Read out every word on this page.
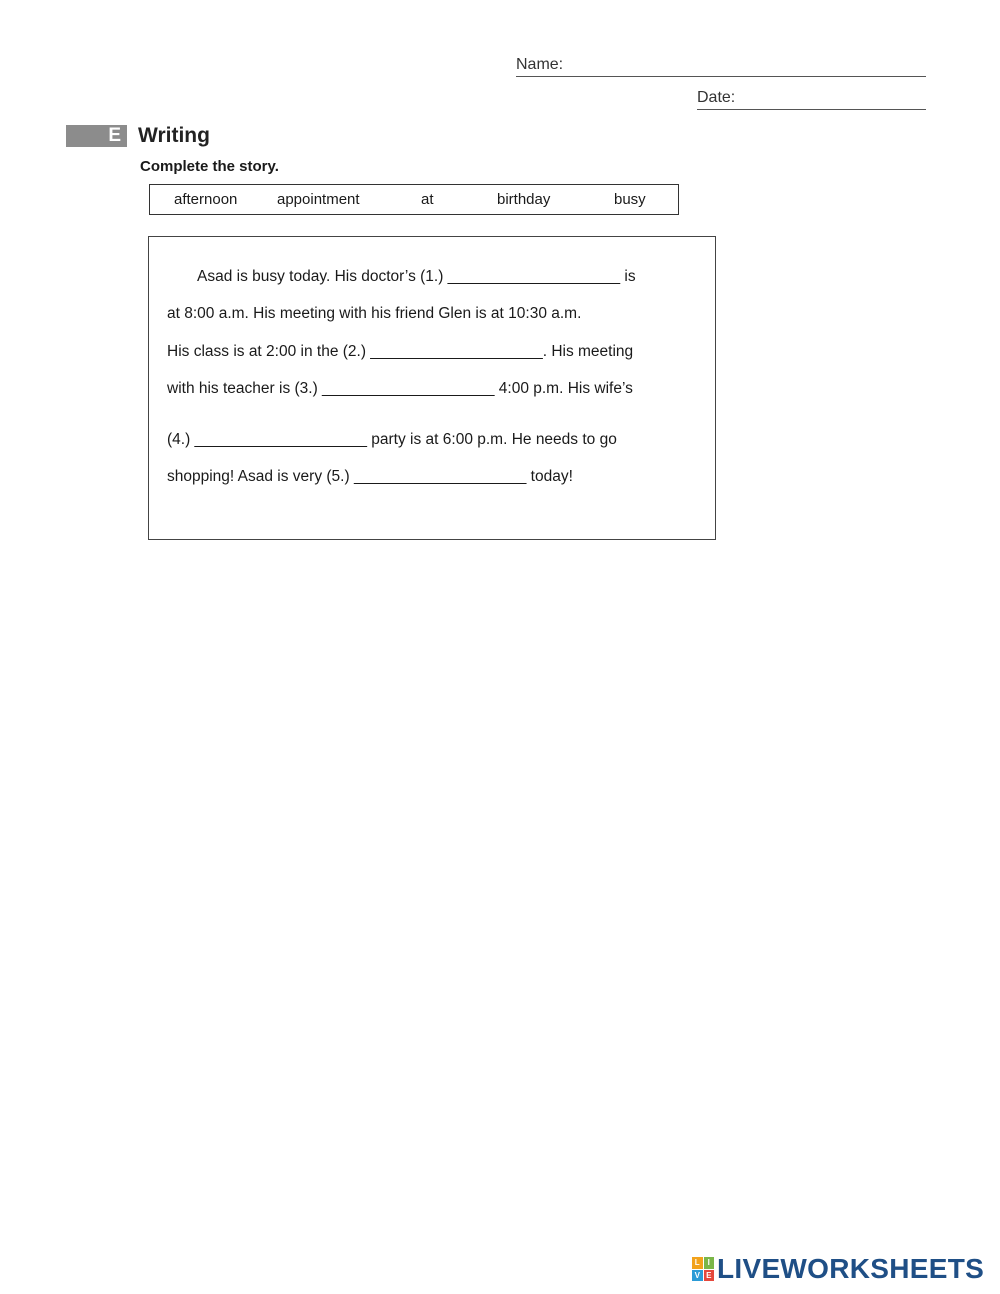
Name:
Date:
E Writing
Complete the story.
afternoon	appointment	at	birthday	busy
Asad is busy today. His doctor’s (1.) ____________________ is
at 8:00 a.m. His meeting with his friend Glen is at 10:30 a.m.
His class is at 2:00 in the (2.) ____________________. His meeting
with his teacher is (3.) ____________________ 4:00 p.m. His wife’s
(4.) ____________________ party is at 6:00 p.m. He needs to go
shopping! Asad is very (5.) ____________________ today!
L I
V E LIVEWORKSHEETS
